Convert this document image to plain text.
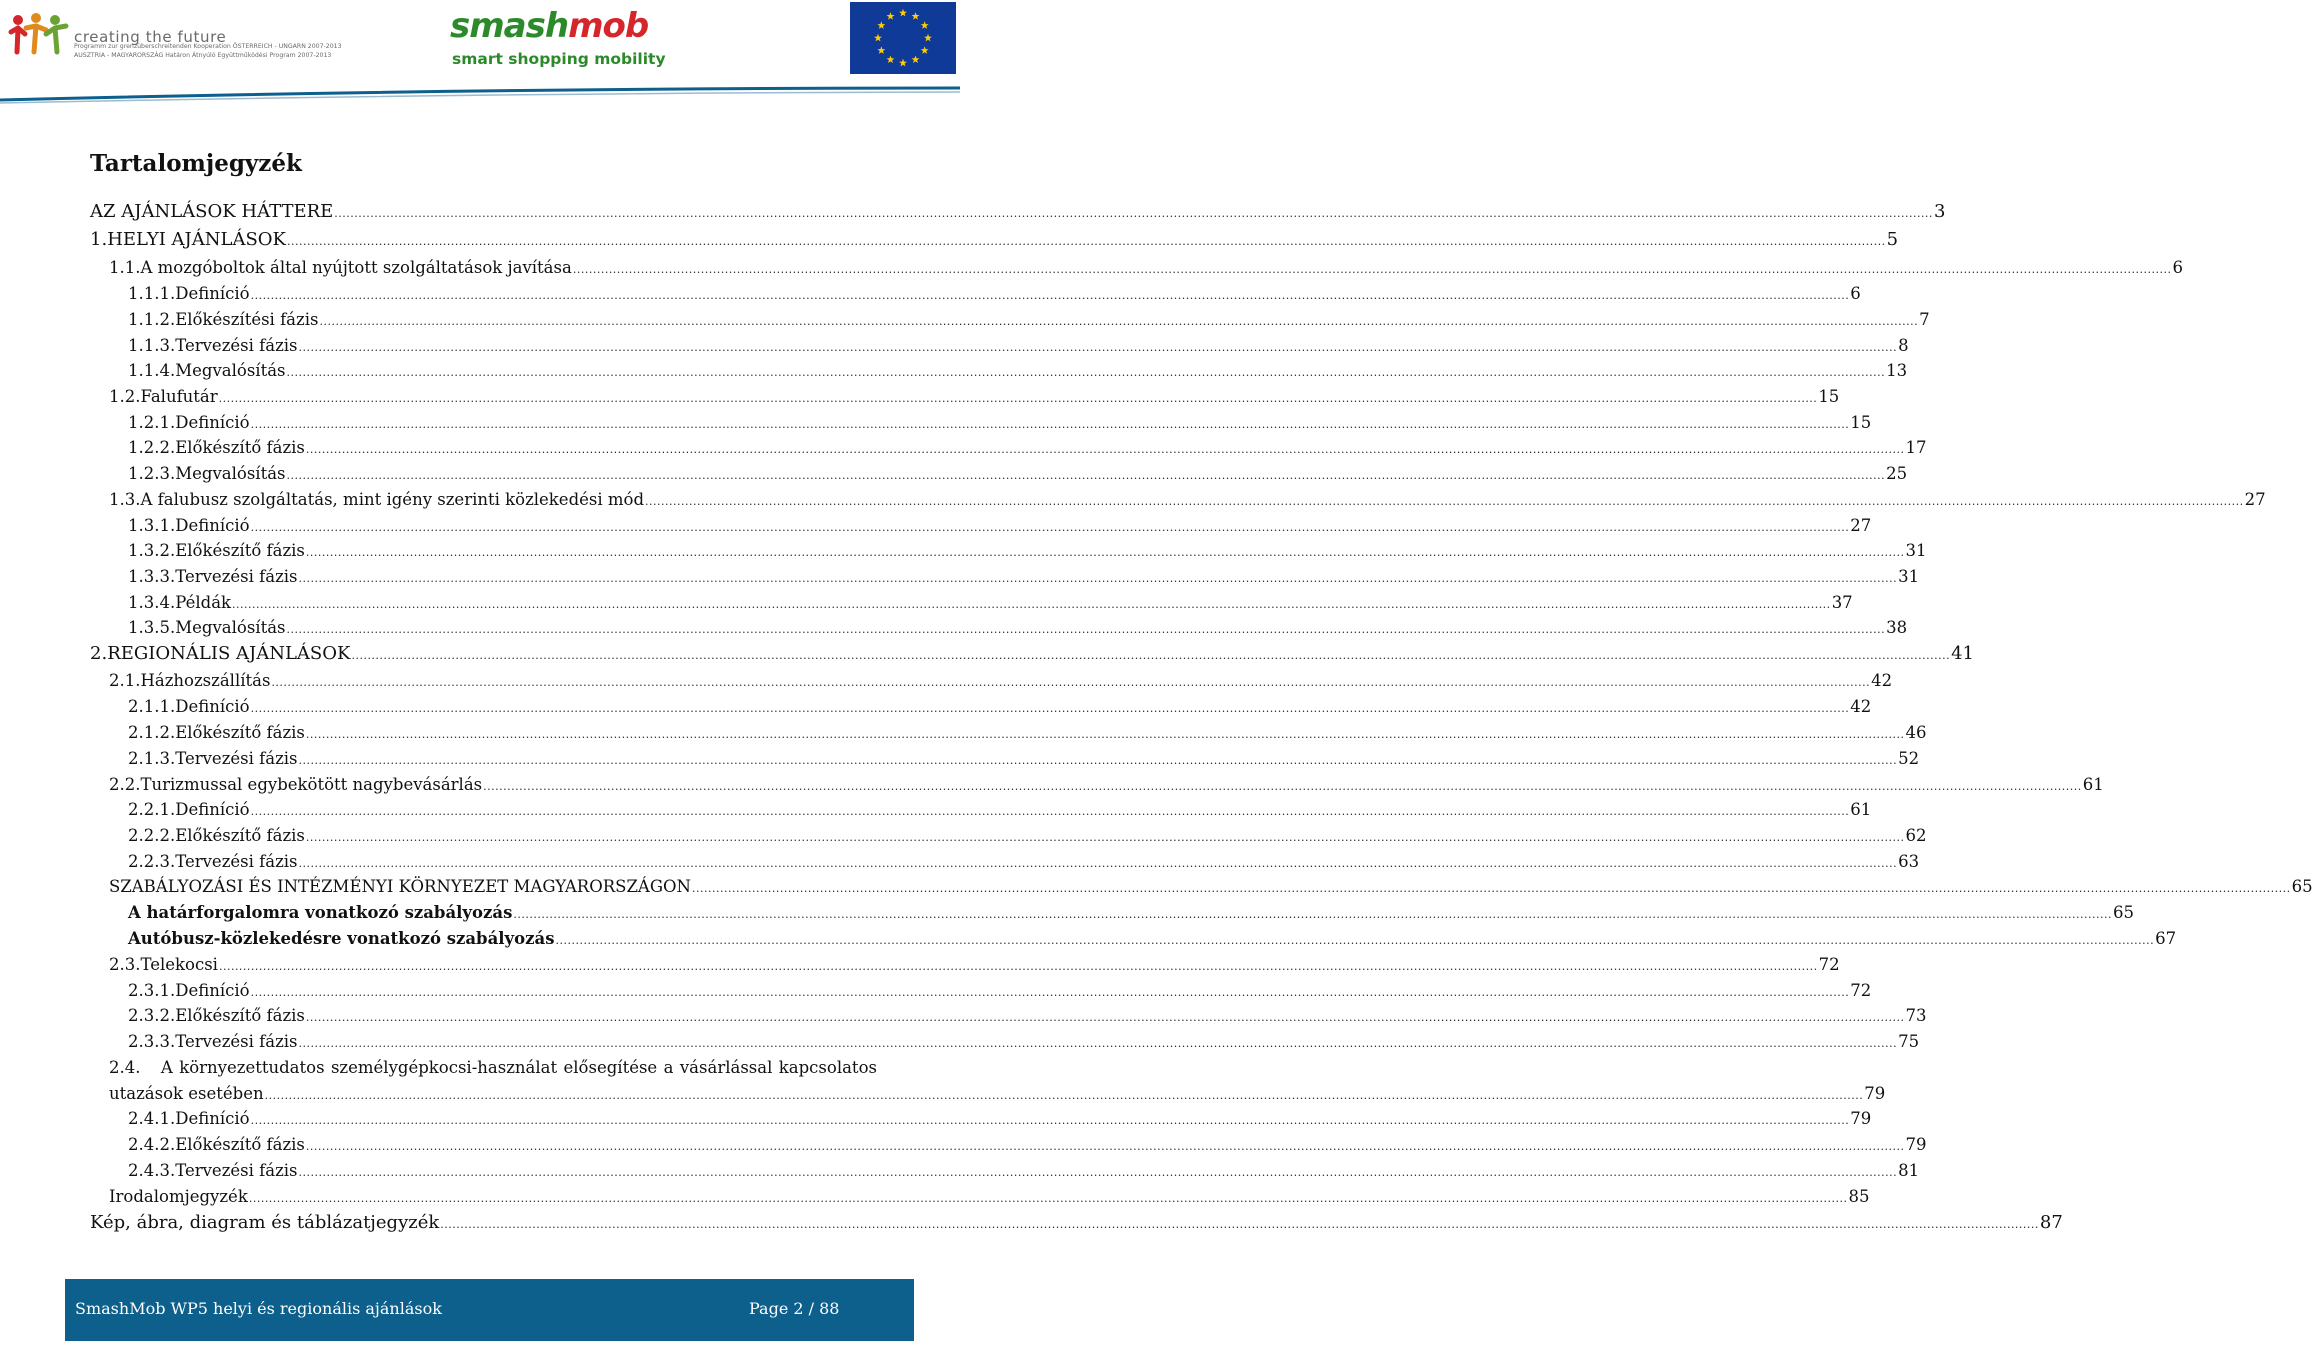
creating the future
Programm zur grenzüberschreitenden Kooperation ÖSTERREICH - UNGARN 2007-2013
AUSZTRIA - MAGYARORSZÁG Határon Átnyúló Együttműködési Program 2007-2013
smashmob
smart shopping mobility
Tartalomjegyzék
AZ AJÁNLÁSOK HÁTTERE ................................................................................................................................................................................................................................................................................................................................................................................................................ 3
1. HELYI AJÁNLÁSOK ................................................................................................................................................................................................................................................................................................................................................................................................................ 5
1.1. A mozgóboltok által nyújtott szolgáltatások javítása ................................................................................................................................................................................................................................................................................................................................................................................................................ 6
1.1.1. Definíció ................................................................................................................................................................................................................................................................................................................................................................................................................ 6
1.1.2. Előkészítési fázis ................................................................................................................................................................................................................................................................................................................................................................................................................ 7
1.1.3. Tervezési fázis ................................................................................................................................................................................................................................................................................................................................................................................................................ 8
1.1.4. Megvalósítás ................................................................................................................................................................................................................................................................................................................................................................................................................ 13
1.2. Falufutár ................................................................................................................................................................................................................................................................................................................................................................................................................ 15
1.2.1. Definíció ................................................................................................................................................................................................................................................................................................................................................................................................................ 15
1.2.2. Előkészítő fázis ................................................................................................................................................................................................................................................................................................................................................................................................................ 17
1.2.3. Megvalósítás ................................................................................................................................................................................................................................................................................................................................................................................................................ 25
1.3. A falubusz szolgáltatás, mint igény szerinti közlekedési mód ................................................................................................................................................................................................................................................................................................................................................................................................................ 27
1.3.1. Definíció ................................................................................................................................................................................................................................................................................................................................................................................................................ 27
1.3.2. Előkészítő fázis ................................................................................................................................................................................................................................................................................................................................................................................................................ 31
1.3.3. Tervezési fázis ................................................................................................................................................................................................................................................................................................................................................................................................................ 31
1.3.4. Példák ................................................................................................................................................................................................................................................................................................................................................................................................................ 37
1.3.5. Megvalósítás ................................................................................................................................................................................................................................................................................................................................................................................................................ 38
2. REGIONÁLIS AJÁNLÁSOK ................................................................................................................................................................................................................................................................................................................................................................................................................ 41
2.1. Házhozszállítás ................................................................................................................................................................................................................................................................................................................................................................................................................ 42
2.1.1. Definíció ................................................................................................................................................................................................................................................................................................................................................................................................................ 42
2.1.2. Előkészítő fázis ................................................................................................................................................................................................................................................................................................................................................................................................................ 46
2.1.3. Tervezési fázis ................................................................................................................................................................................................................................................................................................................................................................................................................ 52
2.2. Turizmussal egybekötött nagybevásárlás ................................................................................................................................................................................................................................................................................................................................................................................................................ 61
2.2.1. Definíció ................................................................................................................................................................................................................................................................................................................................................................................................................ 61
2.2.2. Előkészítő fázis ................................................................................................................................................................................................................................................................................................................................................................................................................ 62
2.2.3. Tervezési fázis ................................................................................................................................................................................................................................................................................................................................................................................................................ 63
SZABÁLYOZÁSI ÉS INTÉZMÉNYI KÖRNYEZET MAGYARORSZÁGON ................................................................................................................................................................................................................................................................................................................................................................................................................ 65
A határforgalomra vonatkozó szabályozás ................................................................................................................................................................................................................................................................................................................................................................................................................ 65
Autóbusz-közlekedésre vonatkozó szabályozás ................................................................................................................................................................................................................................................................................................................................................................................................................ 67
2.3. Telekocsi ................................................................................................................................................................................................................................................................................................................................................................................................................ 72
2.3.1. Definíció ................................................................................................................................................................................................................................................................................................................................................................................................................ 72
2.3.2. Előkészítő fázis ................................................................................................................................................................................................................................................................................................................................................................................................................ 73
2.3.3. Tervezési fázis ................................................................................................................................................................................................................................................................................................................................................................................................................ 75
2.4. A környezettudatos személygépkocsi-használat elősegítése a vásárlással kapcsolatos
utazások esetében ................................................................................................................................................................................................................................................................................................................................................................................................................ 79
2.4.1. Definíció ................................................................................................................................................................................................................................................................................................................................................................................................................ 79
2.4.2. Előkészítő fázis ................................................................................................................................................................................................................................................................................................................................................................................................................ 79
2.4.3. Tervezési fázis ................................................................................................................................................................................................................................................................................................................................................................................................................ 81
Irodalomjegyzék ................................................................................................................................................................................................................................................................................................................................................................................................................ 85
Kép, ábra, diagram és táblázatjegyzék ................................................................................................................................................................................................................................................................................................................................................................................................................ 87
SmashMob WP5 helyi és regionális ajánlások	Page 2 / 88
